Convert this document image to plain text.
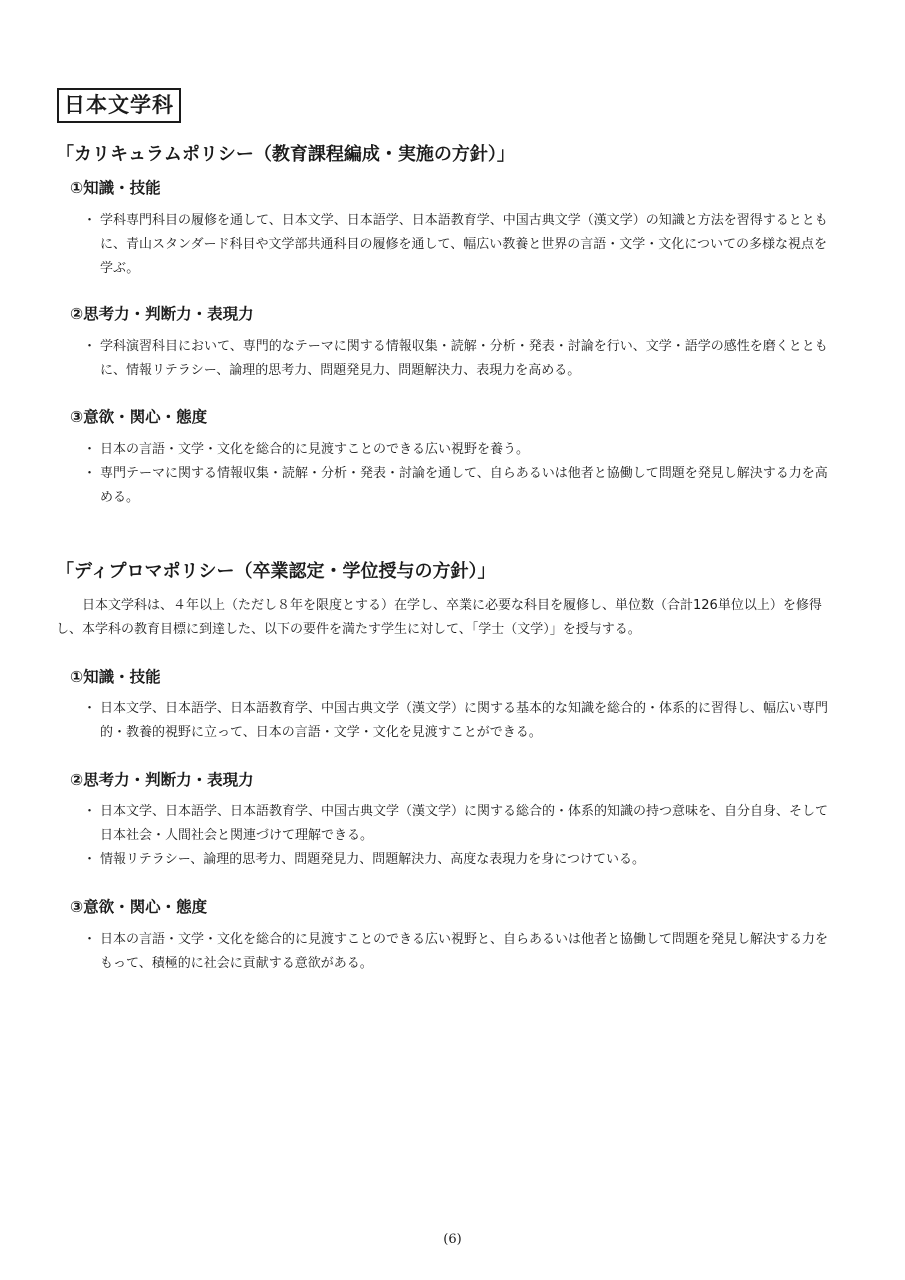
日本文学科
「カリキュラムポリシー（教育課程編成・実施の方針）」
①知識・技能
・ 学科専門科目の履修を通して、日本文学、日本語学、日本語教育学、中国古典文学（漢文学）の知識と方法を習得するとともに、青山スタンダード科目や文学部共通科目の履修を通して、幅広い教養と世界の言語・文学・文化についての多様な視点を学ぶ。
②思考力・判断力・表現力
・ 学科演習科目において、専門的なテーマに関する情報収集・読解・分析・発表・討論を行い、文学・語学の感性を磨くとともに、情報リテラシー、論理的思考力、問題発見力、問題解決力、表現力を高める。
③意欲・関心・態度
・ 日本の言語・文学・文化を総合的に見渡すことのできる広い視野を養う。
・ 専門テーマに関する情報収集・読解・分析・発表・討論を通して、自らあるいは他者と協働して問題を発見し解決する力を高める。
「ディプロマポリシー（卒業認定・学位授与の方針）」
日本文学科は、４年以上（ただし８年を限度とする）在学し、卒業に必要な科目を履修し、単位数（合計126単位以上）を修得し、本学科の教育目標に到達した、以下の要件を満たす学生に対して、「学士（文学）」を授与する。
①知識・技能
・ 日本文学、日本語学、日本語教育学、中国古典文学（漢文学）に関する基本的な知識を総合的・体系的に習得し、幅広い専門的・教養的視野に立って、日本の言語・文学・文化を見渡すことができる。
②思考力・判断力・表現力
・ 日本文学、日本語学、日本語教育学、中国古典文学（漢文学）に関する総合的・体系的知識の持つ意味を、自分自身、そして日本社会・人間社会と関連づけて理解できる。
・ 情報リテラシー、論理的思考力、問題発見力、問題解決力、高度な表現力を身につけている。
③意欲・関心・態度
・ 日本の言語・文学・文化を総合的に見渡すことのできる広い視野と、自らあるいは他者と協働して問題を発見し解決する力をもって、積極的に社会に貢献する意欲がある。
(6)
